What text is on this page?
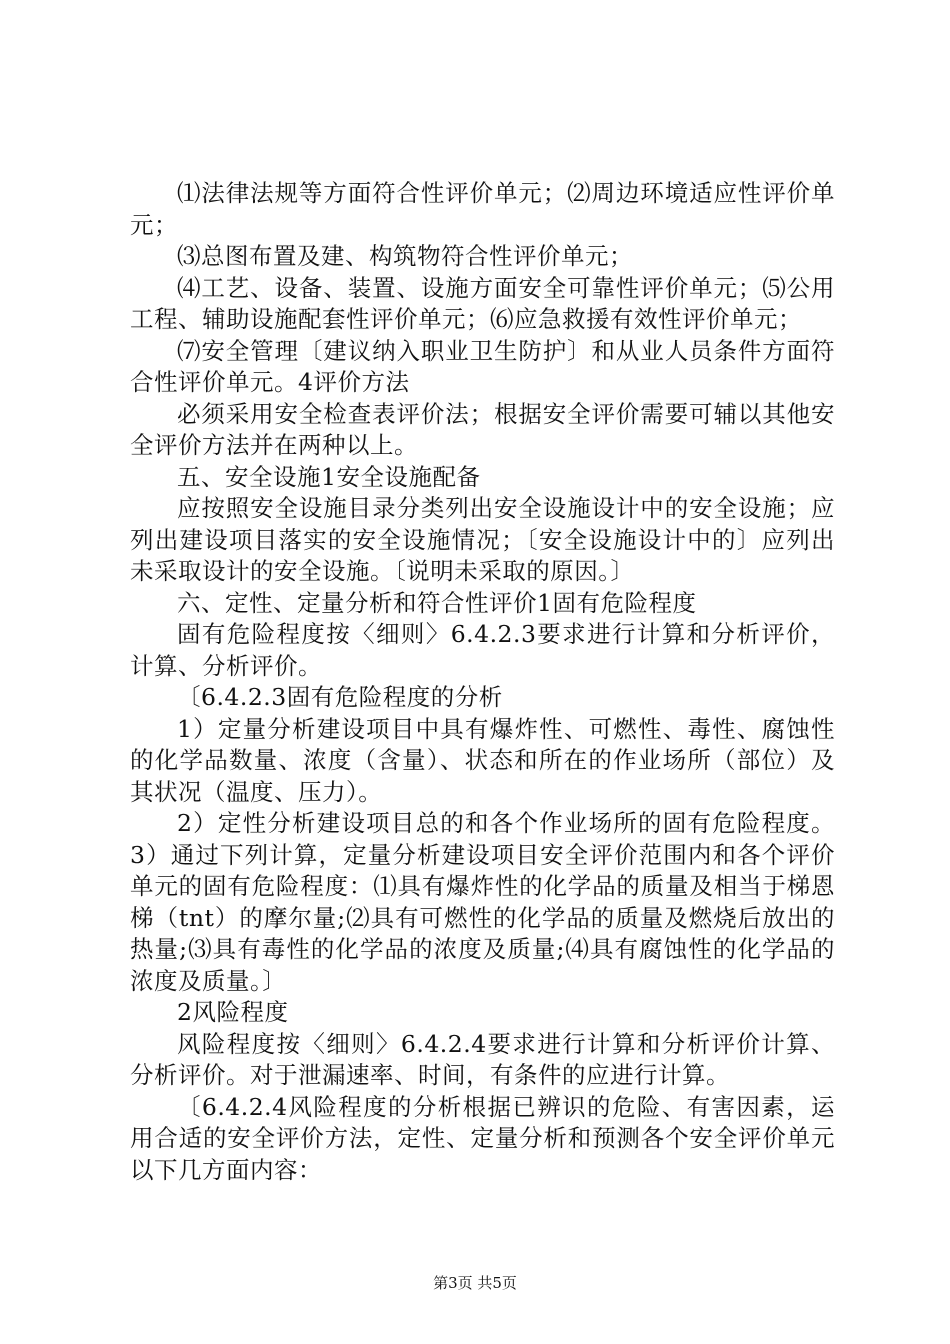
⑴法律法规等方面符合性评价单元；⑵周边环境适应性评价单元；

⑶总图布置及建、构筑物符合性评价单元；

⑷工艺、设备、装置、设施方面安全可靠性评价单元；⑸公用工程、辅助设施配套性评价单元；⑹应急救援有效性评价单元；

⑺安全管理〔建议纳入职业卫生防护〕和从业人员条件方面符合性评价单元。4评价方法

必须采用安全检查表评价法；根据安全评价需要可辅以其他安全评价方法并在两种以上。

五、安全设施1安全设施配备

应按照安全设施目录分类列出安全设施设计中的安全设施；应列出建设项目落实的安全设施情况；〔安全设施设计中的〕应列出未采取设计的安全设施。〔说明未采取的原因。〕

六、定性、定量分析和符合性评价1固有危险程度

固有危险程度按〈细则〉6.4.2.3要求进行计算和分析评价，计算、分析评价。

〔6.4.2.3固有危险程度的分析

1）定量分析建设项目中具有爆炸性、可燃性、毒性、腐蚀性的化学品数量、浓度（含量）、状态和所在的作业场所（部位）及其状况（温度、压力）。

2）定性分析建设项目总的和各个作业场所的固有危险程度。3）通过下列计算，定量分析建设项目安全评价范围内和各个评价单元的固有危险程度：⑴具有爆炸性的化学品的质量及相当于梯恩梯（tnt）的摩尔量;⑵具有可燃性的化学品的质量及燃烧后放出的热量;⑶具有毒性的化学品的浓度及质量;⑷具有腐蚀性的化学品的浓度及质量。〕

2风险程度

风险程度按〈细则〉6.4.2.4要求进行计算和分析评价计算、分析评价。对于泄漏速率、时间，有条件的应进行计算。

〔6.4.2.4风险程度的分析根据已辨识的危险、有害因素，运用合适的安全评价方法，定性、定量分析和预测各个安全评价单元以下几方面内容：

第3页 共5页
